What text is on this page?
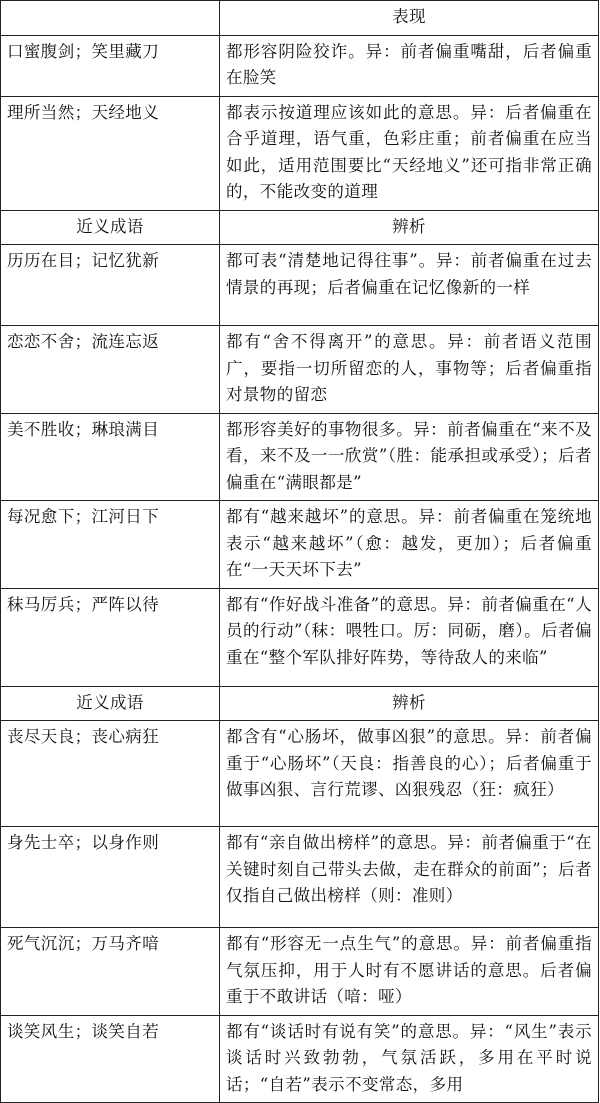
	表现
口蜜腹剑；笑里藏刀	都形容阴险狡诈。异：前者偏重嘴甜，后者偏重在脸笑
理所当然；天经地义	都表示按道理应该如此的意思。异：后者偏重在合乎道理，语气重，色彩庄重；前者偏重在应当如此，适用范围要比“天经地义”还可指非常正确的，不能改变的道理
近义成语	辨析
历历在目；记忆犹新	都可表“清楚地记得往事”。异：前者偏重在过去情景的再现；后者偏重在记忆像新的一样
恋恋不舍；流连忘返	都有“舍不得离开”的意思。异：前者语义范围广，要指一切所留恋的人，事物等；后者偏重指对景物的留恋
美不胜收；琳琅满目	都形容美好的事物很多。异：前者偏重在“来不及看，来不及一一欣赏”（胜：能承担或承受）；后者偏重在“满眼都是”
每况愈下；江河日下	都有“越来越坏”的意思。异：前者偏重在笼统地表示“越来越坏”（愈：越发，更加）；后者偏重在“一天天坏下去”
秣马厉兵；严阵以待	都有“作好战斗准备”的意思。异：前者偏重在“人员的行动”（秣：喂牲口。厉：同砺，磨）。后者偏重在“整个军队排好阵势，等待敌人的来临”
近义成语	辨析
丧尽天良；丧心病狂	都含有“心肠坏，做事凶狠”的意思。异：前者偏重于“心肠坏”（天良：指善良的心）；后者偏重于做事凶狠、言行荒谬、凶狠残忍（狂：疯狂）
身先士卒；以身作则	都有“亲自做出榜样”的意思。异：前者偏重于“在关键时刻自己带头去做，走在群众的前面”；后者仅指自己做出榜样（则：准则）
死气沉沉；万马齐喑	都有“形容无一点生气”的意思。异：前者偏重指气氛压抑，用于人时有不愿讲话的意思。后者偏重于不敢讲话（喑：哑）
谈笑风生；谈笑自若	都有“谈话时有说有笑”的意思。异：“风生”表示谈话时兴致勃勃，气氛活跃，多用在平时说话；“自若”表示不变常态，多用
